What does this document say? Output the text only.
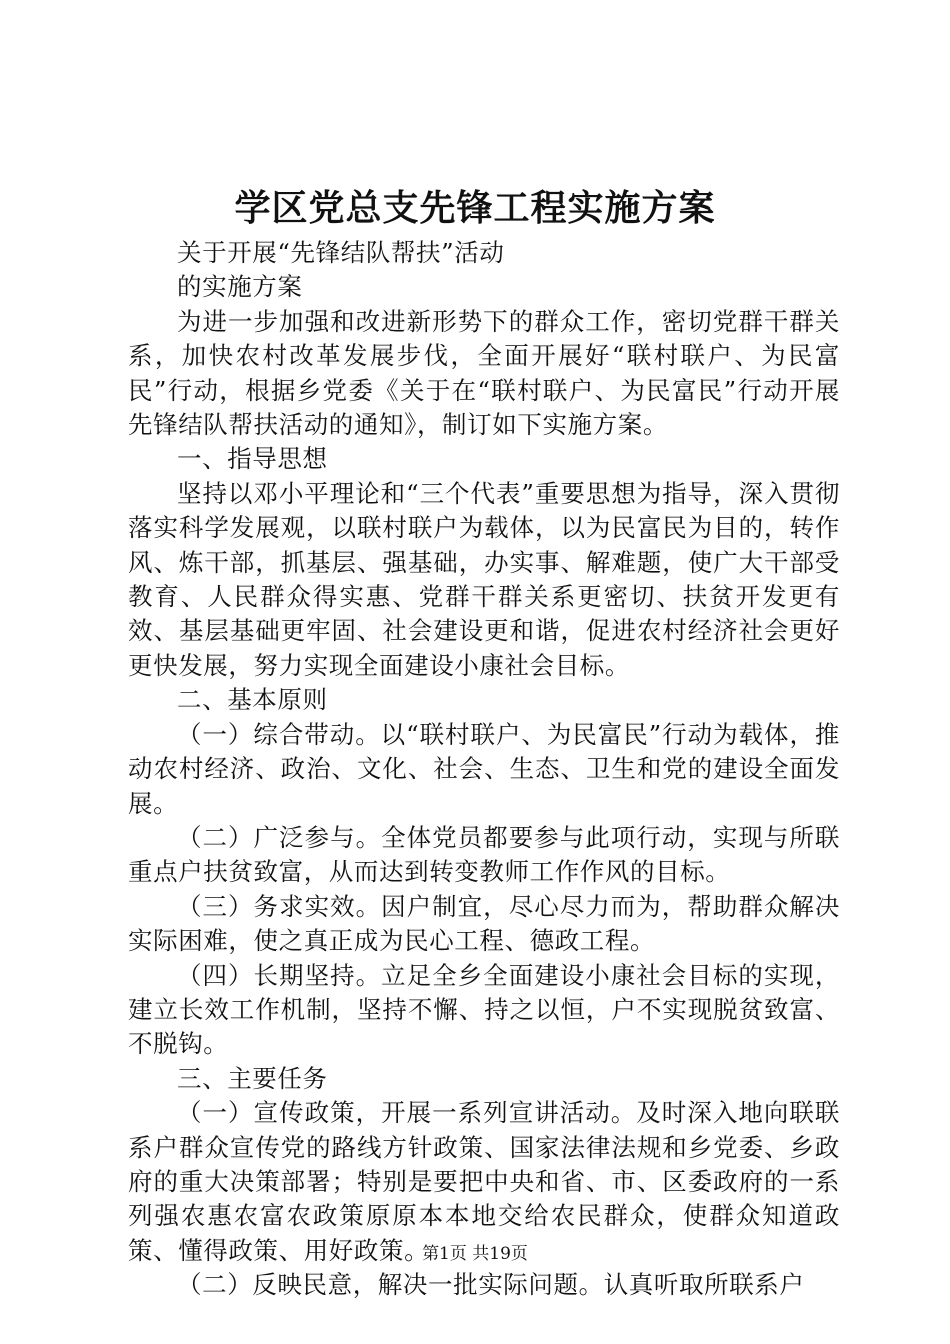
学区党总支先锋工程实施方案

关于开展“先锋结队帮扶”活动

的实施方案

为进一步加强和改进新形势下的群众工作，密切党群干群关系，加快农村改革发展步伐，全面开展好“联村联户、为民富民”行动，根据乡党委《关于在“联村联户、为民富民”行动开展先锋结队帮扶活动的通知》，制订如下实施方案。

一、指导思想

坚持以邓小平理论和“三个代表”重要思想为指导，深入贯彻落实科学发展观，以联村联户为载体，以为民富民为目的，转作风、炼干部，抓基层、强基础，办实事、解难题，使广大干部受教育、人民群众得实惠、党群干群关系更密切、扶贫开发更有效、基层基础更牢固、社会建设更和谐，促进农村经济社会更好更快发展，努力实现全面建设小康社会目标。

二、基本原则

（一）综合带动。以“联村联户、为民富民”行动为载体，推动农村经济、政治、文化、社会、生态、卫生和党的建设全面发展。

（二）广泛参与。全体党员都要参与此项行动，实现与所联重点户扶贫致富，从而达到转变教师工作作风的目标。

（三）务求实效。因户制宜，尽心尽力而为，帮助群众解决实际困难，使之真正成为民心工程、德政工程。

（四）长期坚持。立足全乡全面建设小康社会目标的实现，建立长效工作机制，坚持不懈、持之以恒，户不实现脱贫致富、不脱钩。

三、主要任务

（一）宣传政策，开展一系列宣讲活动。及时深入地向联联系户群众宣传党的路线方针政策、国家法律法规和乡党委、乡政府的重大决策部署；特别是要把中央和省、市、区委政府的一系列强农惠农富农政策原原本本地交给农民群众，使群众知道政策、懂得政策、用好政策。

（二）反映民意，解决一批实际问题。认真听取所联系户

第1页 共19页
